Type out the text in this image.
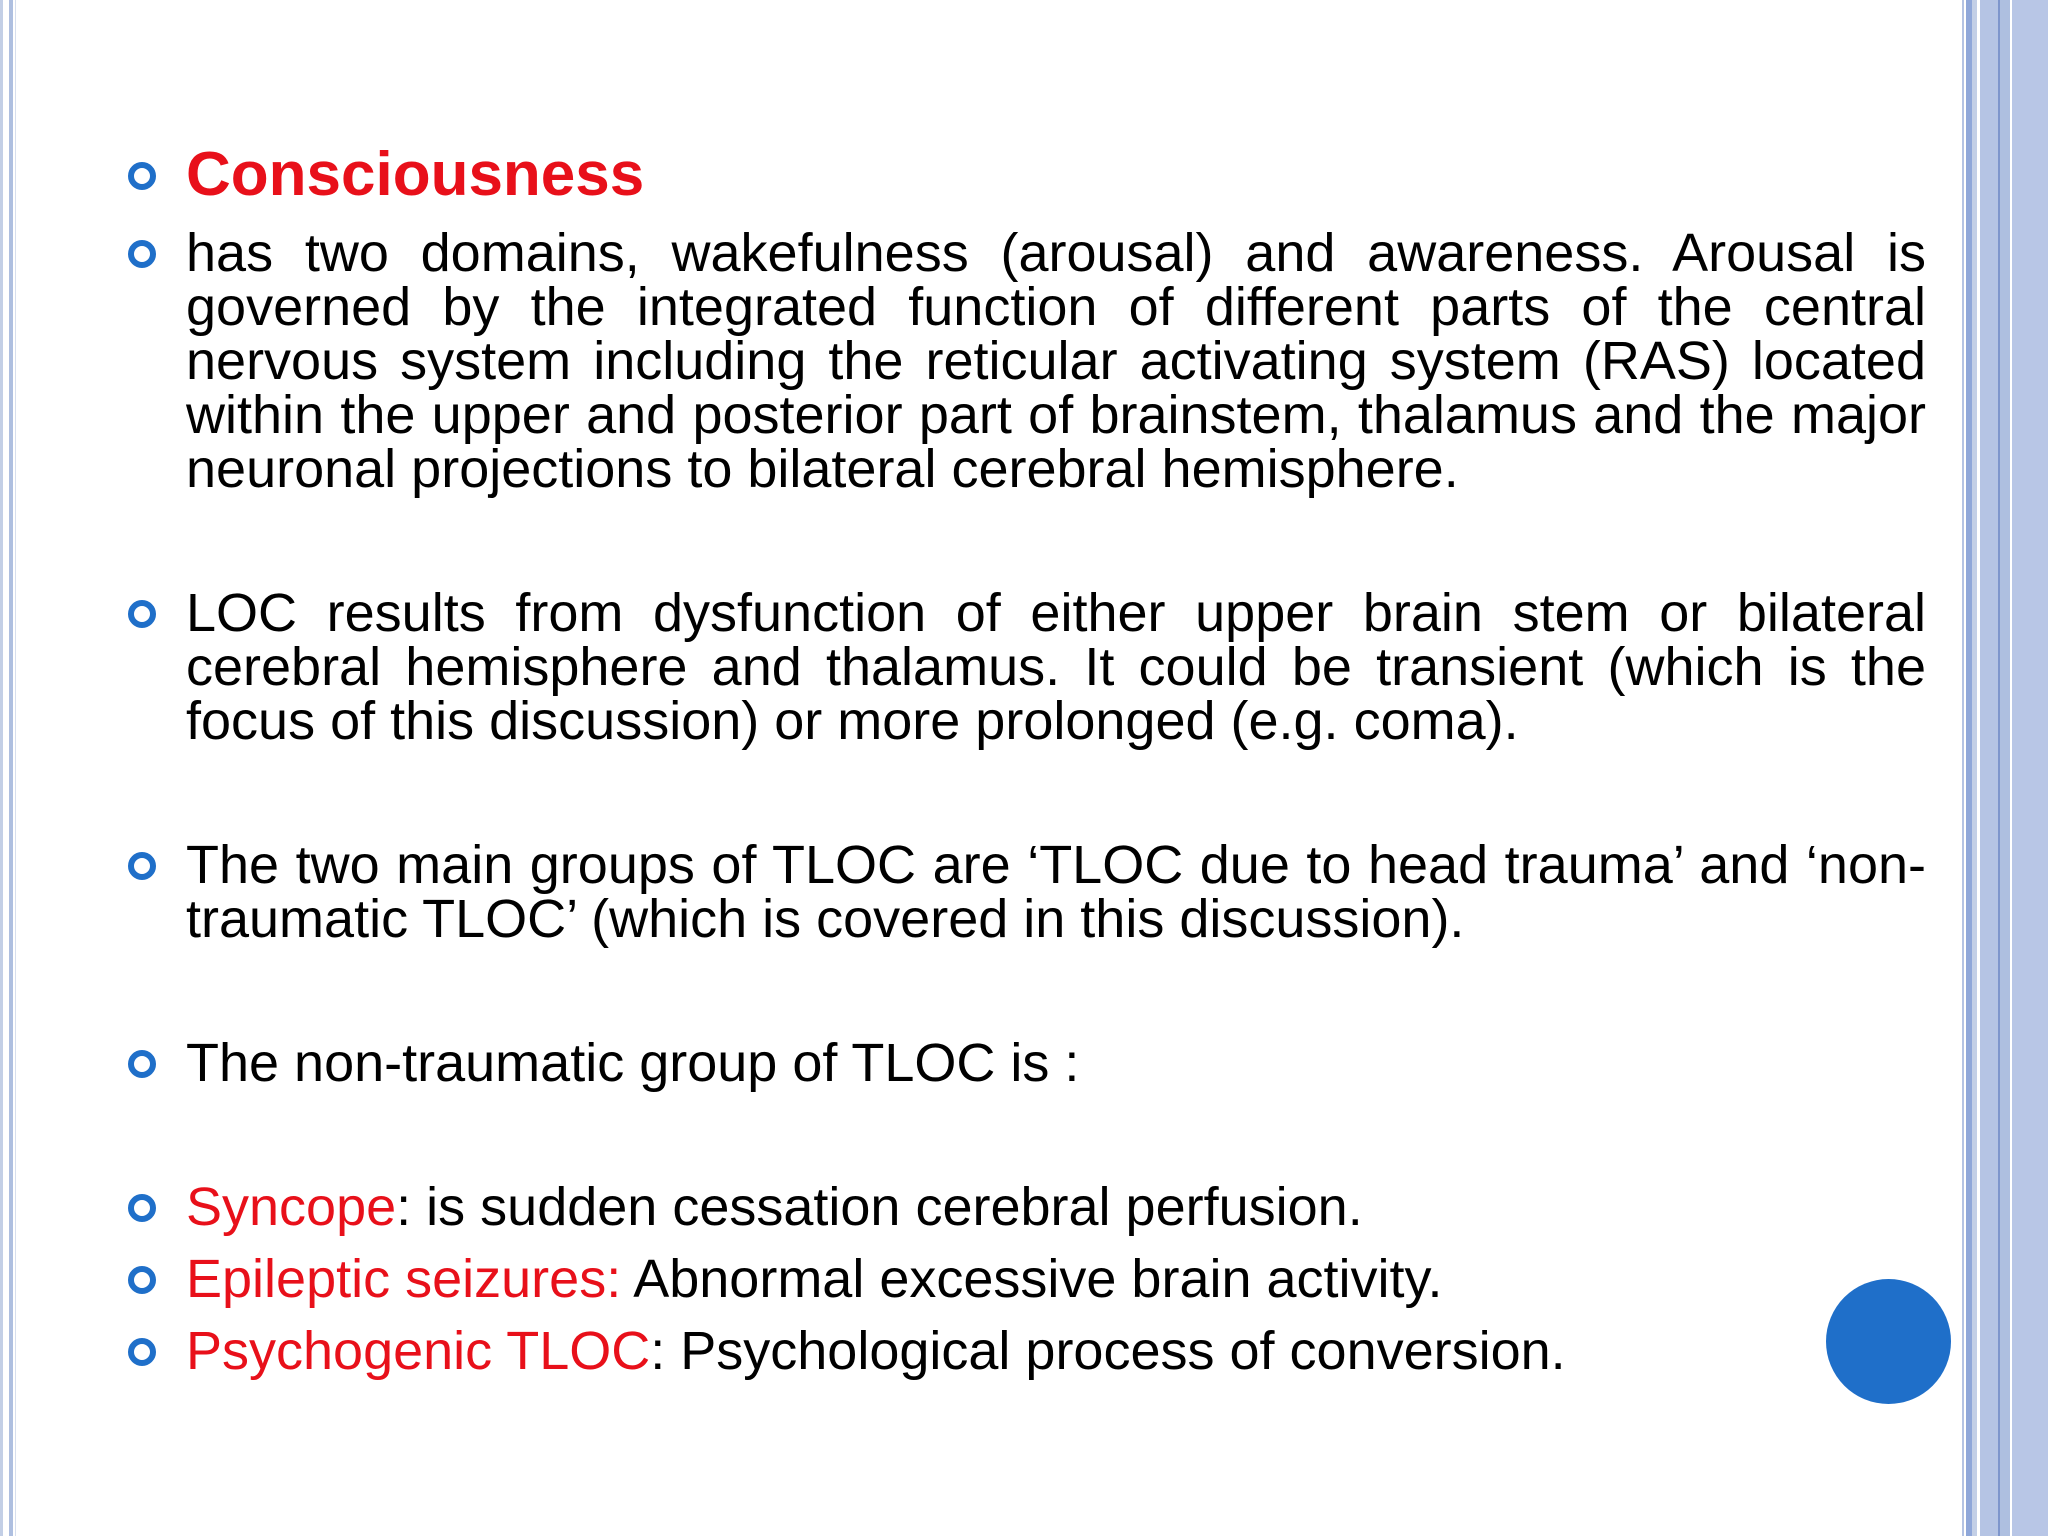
Consciousness
has two domains, wakefulness (arousal) and awareness. Arousal is governed by the integrated function of different parts of the central nervous system including the reticular activating system (RAS) located within the upper and posterior part of brainstem, thalamus and the major neuronal projections to bilateral cerebral hemisphere.
LOC results from dysfunction of either upper brain stem or bilateral cerebral hemisphere and thalamus. It could be transient (which is the focus of this discussion) or more prolonged (e.g. coma).
The two main groups of TLOC are ‘TLOC due to head trauma’ and ‘non-traumatic TLOC’ (which is covered in this discussion).
The non-traumatic group of TLOC is :
Syncope: is sudden cessation cerebral perfusion.
Epileptic seizures: Abnormal excessive brain activity.
Psychogenic TLOC: Psychological process of conversion.
